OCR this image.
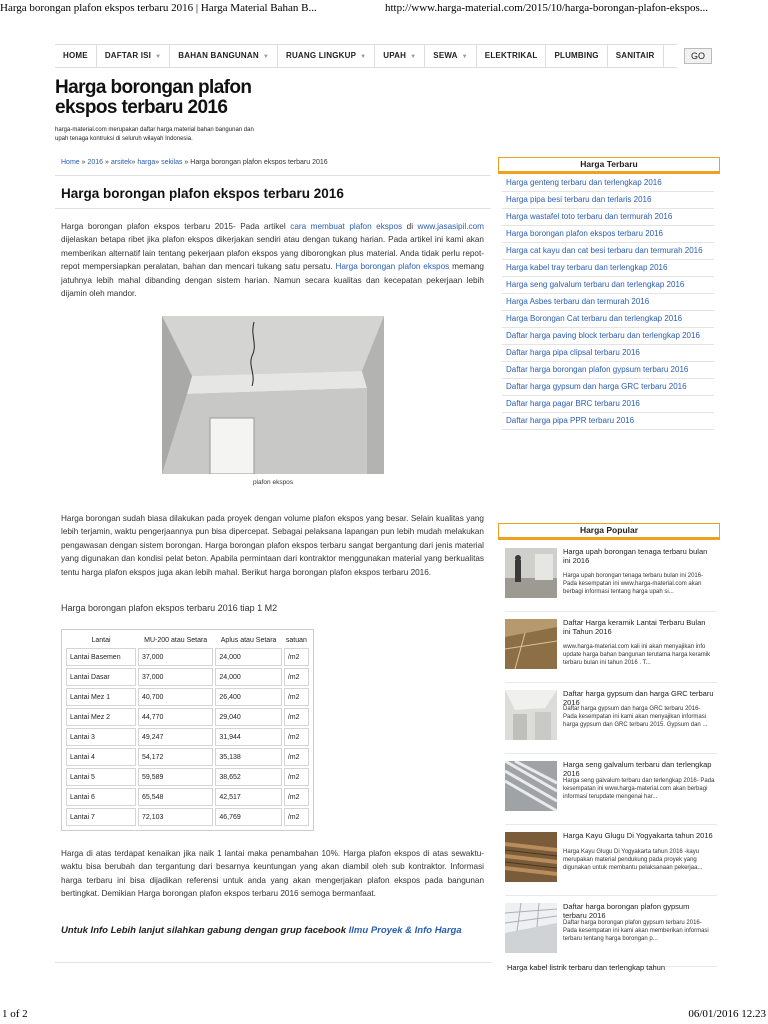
Harga borongan plafon ekspos terbaru 2016 | Harga Material Bahan B...	http://www.harga-material.com/2015/10/harga-borongan-plafon-ekspos...
HOME	DAFTAR ISI ▼	BAHAN BANGUNAN ▼	RUANG LINGKUP ▼	UPAH ▼	SEWA ▼	ELEKTRIKAL	PLUMBING	SANITAIR	GO
Harga borongan plafon
ekspos terbaru 2016
harga-material.com merupakan daftar harga material bahan bangunan dan upah tenaga kontruksi di seluruh wilayah Indonesia.
Home » 2016 » arsitek» harga» sekilas » Harga borongan plafon ekspos terbaru 2016
Harga borongan plafon ekspos terbaru 2016
Harga borongan plafon ekspos terbaru 2015- Pada artikel cara membuat plafon ekspos di www.jasasipil.com dijelaskan betapa ribet jika plafon ekspos dikerjakan sendiri atau dengan tukang harian. Pada artikel ini kami akan memberikan alternatif lain tentang pekerjaan plafon ekspos yang diborongkan plus material. Anda tidak perlu repot-repot mempersiapkan peralatan, bahan dan mencari tukang satu persatu. Harga borongan plafon ekspos memang jatuhnya lebih mahal dibanding dengan sistem harian. Namun secara kualitas dan kecepatan pekerjaan lebih dijamin oleh mandor.
plafon ekspos
Harga borongan sudah biasa dilakukan pada proyek dengan volume plafon ekspos yang besar. Selain kualitas yang lebih terjamin, waktu pengerjaannya pun bisa dipercepat. Sebagai pelaksana lapangan pun lebih mudah melakukan pengawasan dengan sistem borongan. Harga borongan plafon ekspos terbaru sangat bergantung dari jenis material yang digunakan dan kondisi pelat beton. Apabila permintaan dari kontraktor menggunakan material yang berkualitas tentu harga plafon ekspos juga akan lebih mahal. Berikut harga borongan plafon ekspos terbaru 2016.
Harga borongan plafon ekspos terbaru 2016 tiap 1 M2
Lantai	MU-200 atau Setara	Aplus atau Setara	satuan
Lantai Basemen	37,000	24,000	/m2
Lantai Dasar	37,000	24,000	/m2
Lantai Mez 1	40,700	26,400	/m2
Lantai Mez 2	44,770	29,040	/m2
Lantai 3	49,247	31,944	/m2
Lantai 4	54,172	35,138	/m2
Lantai 5	59,589	38,652	/m2
Lantai 6	65,548	42,517	/m2
Lantai 7	72,103	46,769	/m2
Harga di atas terdapat kenaikan jika naik 1 lantai maka penambahan 10%. Harga plafon ekspos di atas sewaktu-waktu bisa berubah dan tergantung dari besarnya keuntungan yang akan diambil oleh sub kontraktor. Informasi harga terbaru ini bisa dijadikan referensi untuk anda yang akan mengerjakan plafon ekspos pada bangunan bertingkat. Demikian Harga borongan plafon ekspos terbaru 2016 semoga bermanfaat.
Untuk Info Lebih lanjut silahkan gabung dengan grup facebook Ilmu Proyek & Info Harga
Harga Terbaru
Harga genteng terbaru dan terlengkap 2016
Harga pipa besi terbaru dan terlaris 2016
Harga wastafel toto terbaru dan termurah 2016
Harga borongan plafon ekspos terbaru 2016
Harga cat kayu dan cat besi terbaru dan termurah 2016
Harga kabel tray terbaru dan terlengkap 2016
Harga seng galvalum terbaru dan terlengkap 2016
Harga Asbes terbaru dan termurah 2016
Harga Borongan Cat terbaru dan terlengkap 2016
Daftar harga paving block terbaru dan terlengkap 2016
Daftar harga pipa clipsal terbaru 2016
Daftar harga borongan plafon gypsum terbaru 2016
Daftar harga gypsum dan harga GRC terbaru 2016
Daftar harga pagar BRC terbaru 2016
Daftar harga pipa PPR terbaru 2016
Harga Popular
Harga upah borongan tenaga terbaru bulan ini 2016
Harga upah borongan tenaga terbaru bulan ini 2016- Pada kesempatan ini www.harga-material.com akan berbagi informasi tentang harga upah si...
Daftar Harga keramik Lantai Terbaru Bulan ini Tahun 2016
www.harga-material.com kali ini akan menyajikan info update harga bahan bangunan terutama harga keramik terbaru bulan ini tahun 2016 . T...
Daftar harga gypsum dan harga GRC terbaru 2016
Daftar harga gypsum dan harga GRC terbaru 2016- Pada kesempatan ini kami akan menyajikan informasi harga gypsum dan GRC terbaru 2015. Gypsum dan ...
Harga seng galvalum terbaru dan terlengkap 2016
Harga seng galvalum terbaru dan terlengkap 2016- Pada kesempatan ini www.harga-material.com akan berbagi informasi terupdate mengenai har...
Harga Kayu Glugu Di Yogyakarta tahun 2016
Harga Kayu Glugu Di Yogyakarta tahun 2016 -kayu merupakan material pendukung pada proyek yang digunakan untuk membantu pelaksanaan pekerjaa...
Daftar harga borongan plafon gypsum terbaru 2016
Daftar harga borongan plafon gypsum terbaru 2016- Pada kesempatan ini kami akan memberikan informasi terbaru tentang harga borongan p...
Harga kabel listrik terbaru dan terlengkap tahun
1 of 2	06/01/2016 12.23
